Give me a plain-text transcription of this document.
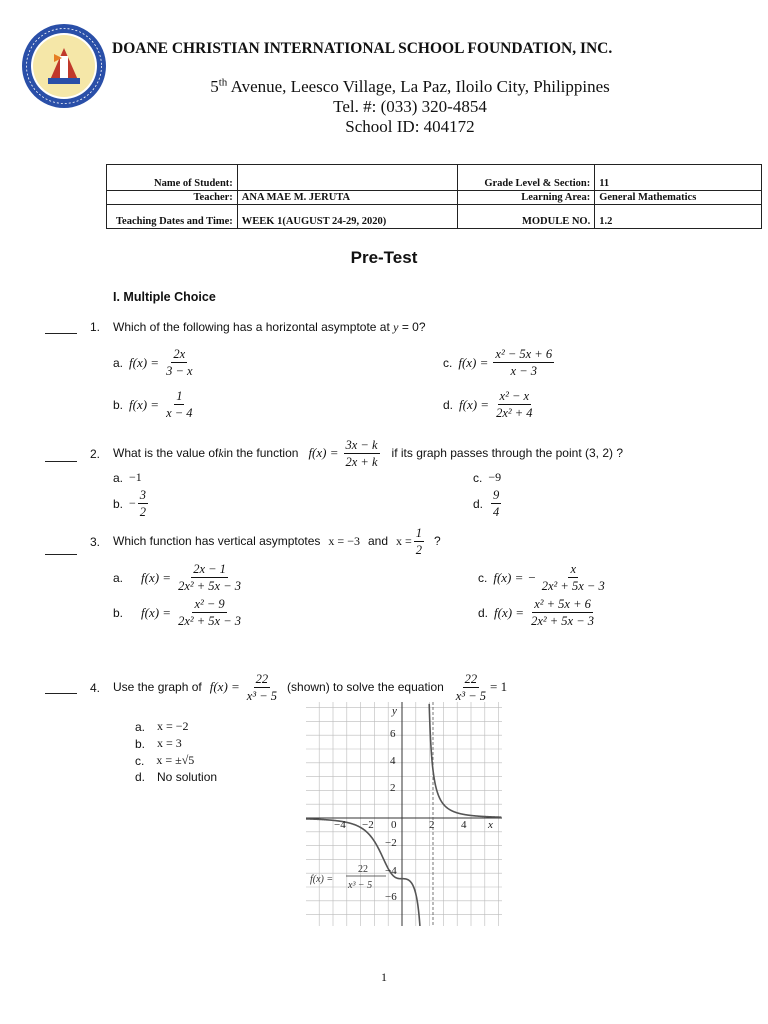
DOANE CHRISTIAN INTERNATIONAL SCHOOL FOUNDATION, INC.
5th Avenue, Leesco Village, La Paz, Iloilo City, Philippines
Tel. #: (033) 320-4854
School ID: 404172
Name of Student:		Grade Level & Section:	11
Teacher:	ANA MAE M. JERUTA	Learning Area:	General Mathematics
Teaching Dates and Time:	WEEK 1(AUGUST 24-29, 2020)	MODULE NO.	1.2
Pre-Test
I. Multiple Choice
1. Which of the following has a horizontal asymptote at y = 0?
a. $f(x) = \frac{2x}{3 - x}$	c. $f(x) = \frac{\text{x² − 5x + 6}}{x - 3}$
b. $f(x) = \frac{1}{x - 4}$	d. $f(x) = \frac{\text{x² − x}}{\text{2x² + 4}}$
2. What is the value of k in the function $f(x) = \frac{3x - k}{2x + k}$ if its graph passes through the point (3, 2) ?
a. −1	c. −9
b. − $\frac{3}{2}$	d. $\frac{9}{4}$
3. Which function has vertical asymptotes x = −3 and $x = \frac{1}{2}$ ?
a. $f(x) = \frac{2x - 1}{\text{2x² + 5x − 3}}$	c. f(x) = − $\frac{x}{\text{2x² + 5x − 3}}$
b. $f(x) = \frac{\text{x² − 9}}{\text{2x² + 5x − 3}}$	d. $f(x) = \frac{\text{x² + 5x + 6}}{\text{2x² + 5x − 3}}$
4. Use the graph of $f(x) = \frac{22}{\text{x³ − 5}}$ (shown) to solve the equation $\frac{22}{\text{x³ − 5}} = 1$
a. x = −2
b. x = 3
c. x = ±√5
d. No solution
x
y
−4 −2 0	2 4
6
4
2
−2
−4
−6
f(x) =
22
x³ − 5
1
